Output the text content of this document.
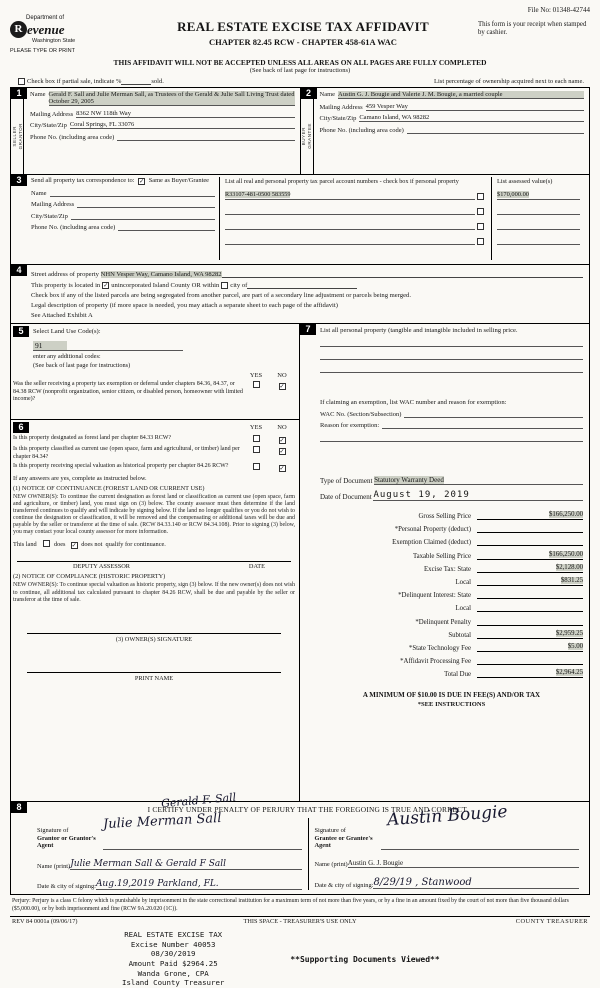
File No: 01348-42744
Department of
R evenue
Washington State
PLEASE TYPE OR PRINT
REAL ESTATE EXCISE TAX AFFIDAVIT
CHAPTER 82.45 RCW - CHAPTER 458-61A WAC
This form is your receipt when stamped by cashier.
THIS AFFIDAVIT WILL NOT BE ACCEPTED UNLESS ALL AREAS ON ALL PAGES ARE FULLY COMPLETED
(See back of last page for instructions)
Check box if partial sale, indicate %	sold.	List percentage of ownership acquired next to each name.
1
SELLER GRANTOR
Name Gerald F. Sall and Julie Merman Sall, as Trustees of the Gerald & Julie Sall Living Trust dated October 29, 2005
Mailing Address 8362 NW 118th Way
City/State/Zip Coral Springs, FL 33076
Phone No. (including area code)
2
BUYER GRANTEE
Name Austin G. J. Bougie and Valerie J. M. Bougie, a married couple
Mailing Address 459 Vesper Way
City/State/Zip Camano Island, WA 98282
Phone No. (including area code)
3	Send all property tax correspondence to: ✓ Same as Buyer/Grantee
Name
Mailing Address
City/State/Zip
Phone No. (including area code)
List all real and personal property tax parcel account numbers - check box if personal property
R33107-481-0500 583559
List assessed value(s)
$170,000.00
4	Street address of property
NHN Vesper Way, Camano Island, WA 98282
This property is located in ✓ unincorporated Island County OR within city of
Check box if any of the listed parcels are being segregated from another parcel, are part of a secondary line adjustment or parcels being merged.
Legal description of property (if more space is needed, you may attach a separate sheet to each page of the affidavit)
See Attached Exhibit A
5	Select Land Use Code(s):
91
enter any additional codes:
(See back of last page for instructions)
YES	NO
Was the seller receiving a property tax exemption or deferral under chapters 84.36, 84.37, or 84.38 RCW (nonprofit organization, senior citizen, or disabled person, homeowner with limited income)?
✓
6	YES	NO
Is this property designated as forest land per chapter 84.33 RCW?	✓
Is this property classified as current use (open space, farm and agricultural, or timber) land per chapter 84.34?
✓
Is this property receiving special valuation as historical property per chapter 84.26 RCW?	✓
If any answers are yes, complete as instructed below.
(1) NOTICE OF CONTINUANCE (FOREST LAND OR CURRENT USE)
NEW OWNER(S): To continue the current designation as forest land or classification as current use (open space, farm and agriculture, or timber) land, you must sign on (3) below. The county assessor must then determine if the land transferred continues to qualify and will indicate by signing below. If the land no longer qualifies or you do not wish to continue the designation or classification, it will be removed and the compensating or additional taxes will be due and payable by the seller or transferor at the time of sale. (RCW 84.33.140 or RCW 84.34.108). Prior to signing (3) below, you may contact your local county assessor for more information.
This land	does ✓ does not qualify for continuance.
DEPUTY ASSESSOR	DATE
(2) NOTICE OF COMPLIANCE (HISTORIC PROPERTY)
NEW OWNER(S): To continue special valuation as historic property, sign (3) below. If the new owner(s) does not wish to continue, all additional tax calculated pursuant to chapter 84.26 RCW, shall be due and payable by the seller or transferor at the time of sale.
(3) OWNER(S) SIGNATURE
PRINT NAME
7	List all personal property (tangible and intangible included in selling price.
If claiming an exemption, list WAC number and reason for exemption:
WAC No. (Section/Subsection)
Reason for exemption:
Type of Document
Statutory Warranty Deed
Date of Document
August 19, 2019
Gross Selling Price	$166,250.00
*Personal Property (deduct)
Exemption Claimed (deduct)
Taxable Selling Price	$166,250.00
Excise Tax: State	$2,128.00
Local	$831.25
*Delinquent Interest: State
Local
*Delinquent Penalty
Subtotal	$2,959.25
*State Technology Fee	$5.00
*Affidavit Processing Fee
Total Due	$2,964.25
A MINIMUM OF $10.00 IS DUE IN FEE(S) AND/OR TAX
*SEE INSTRUCTIONS
8	I CERTIFY UNDER PENALTY OF PERJURY THAT THE FOREGOING IS TRUE AND CORRECT.
Gerald F. Sall
Julie Merman Sall
Signature of
Grantor or Grantor's Agent
Name (print) Julie Merman Sall & Gerald F Sall
Date & city of signing: Aug.19,2019 Parkland, FL.
Austin Bougie
Signature of
Grantee or Grantee's Agent
Name (print) Austin G. J. Bougie
Date & city of signing: 8/29/19 , Stanwood
Perjury: Perjury is a class C felony which is punishable by imprisonment in the state correctional institution for a maximum term of not more than five years, or by a fine in an amount fixed by the court of not more than five thousand dollars ($5,000.00), or by both imprisonment and fine (RCW 9A.20.020 (1C)).
REV 84 0001a (09/06/17)	THIS SPACE - TREASURER'S USE ONLY	COUNTY TREASURER
REAL ESTATE EXCISE TAX
Excise Number 40053
08/30/2019
Amount Paid $2964.25
Wanda Grone, CPA
Island County Treasurer
**Supporting Documents Viewed**
